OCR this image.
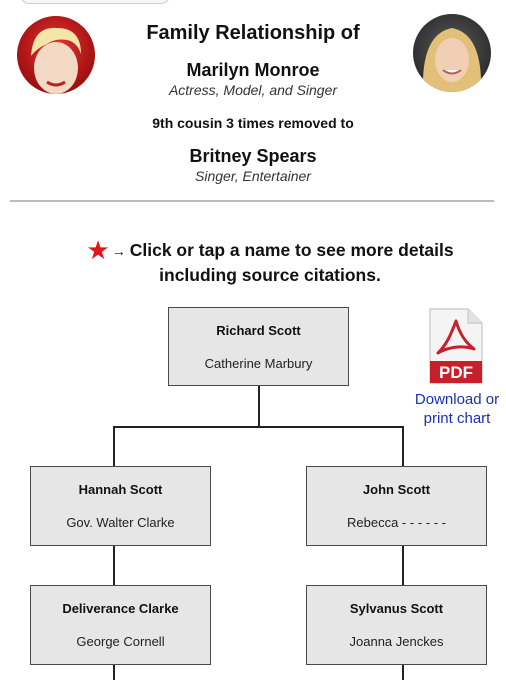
Family Relationship of
Marilyn Monroe
Actress, Model, and Singer
9th cousin 3 times removed to
Britney Spears
Singer, Entertainer
★ → Click or tap a name to see more details including source citations.
Richard Scott
Catherine Marbury
Hannah Scott
Gov. Walter Clarke
Deliverance Clarke
George Cornell
John Scott
Rebecca - - - - - -
Sylvanus Scott
Joanna Jenckes
PDF
Download or print chart
